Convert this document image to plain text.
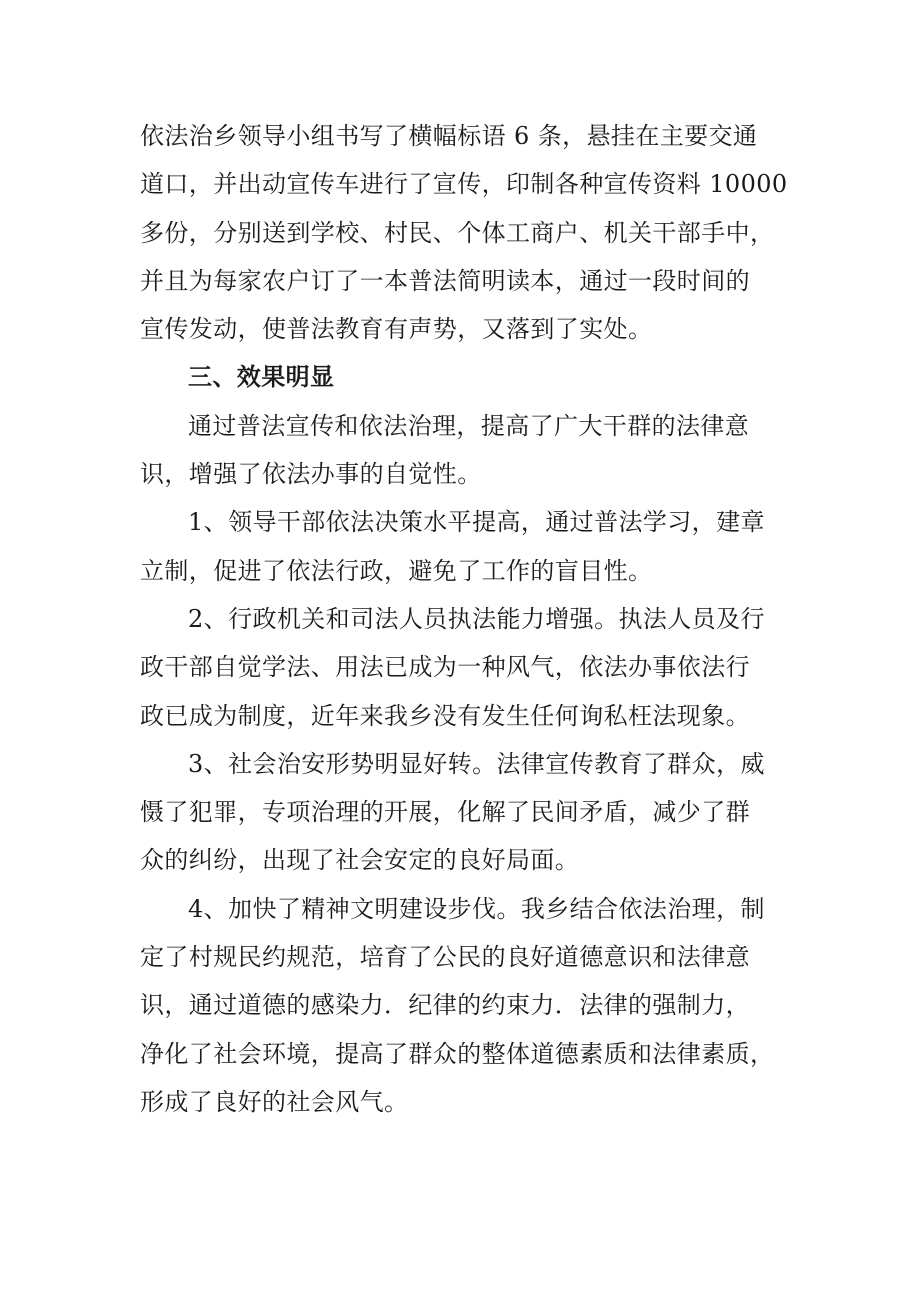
依法治乡领导小组书写了横幅标语 6 条，悬挂在主要交通
道口，并出动宣传车进行了宣传，印制各种宣传资料 10000
多份，分别送到学校、村民、个体工商户、机关干部手中，
并且为每家农户订了一本普法简明读本，通过一段时间的
宣传发动，使普法教育有声势，又落到了实处。
三、效果明显
通过普法宣传和依法治理，提高了广大干群的法律意
识，增强了依法办事的自觉性。
1、领导干部依法决策水平提高，通过普法学习，建章
立制，促进了依法行政，避免了工作的盲目性。
2、行政机关和司法人员执法能力增强。执法人员及行
政干部自觉学法、用法已成为一种风气，依法办事依法行
政已成为制度，近年来我乡没有发生任何询私枉法现象。
3、社会治安形势明显好转。法律宣传教育了群众，威
慑了犯罪，专项治理的开展，化解了民间矛盾，减少了群
众的纠纷，出现了社会安定的良好局面。
4、加快了精神文明建设步伐。我乡结合依法治理，制
定了村规民约规范，培育了公民的良好道德意识和法律意
识，通过道德的感染力．纪律的约束力．法律的强制力，
净化了社会环境，提高了群众的整体道德素质和法律素质，
形成了良好的社会风气。
